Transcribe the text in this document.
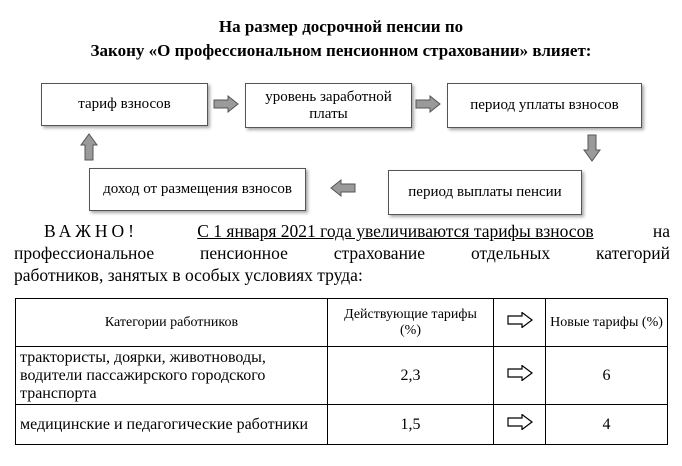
На размер досрочной пенсии по
Закону «О профессиональном пенсионном страховании» влияет:
тариф взносов	уровень заработной платы
период уплаты взносов
период выплаты пенсии
доход от размещения взносов
ВАЖНО!	С 1 января 2021 года увеличиваются тарифы взносов	на
профессиональное пенсионное страхование отдельных категорий
работников, занятых в особых условиях труда:
Категории работников	Действующие тарифы (%)		Новые тарифы (%)
трактористы, доярки, животноводы, водители пассажирского городского транспорта	2,3		6
медицинские и педагогические работники	1,5		4
